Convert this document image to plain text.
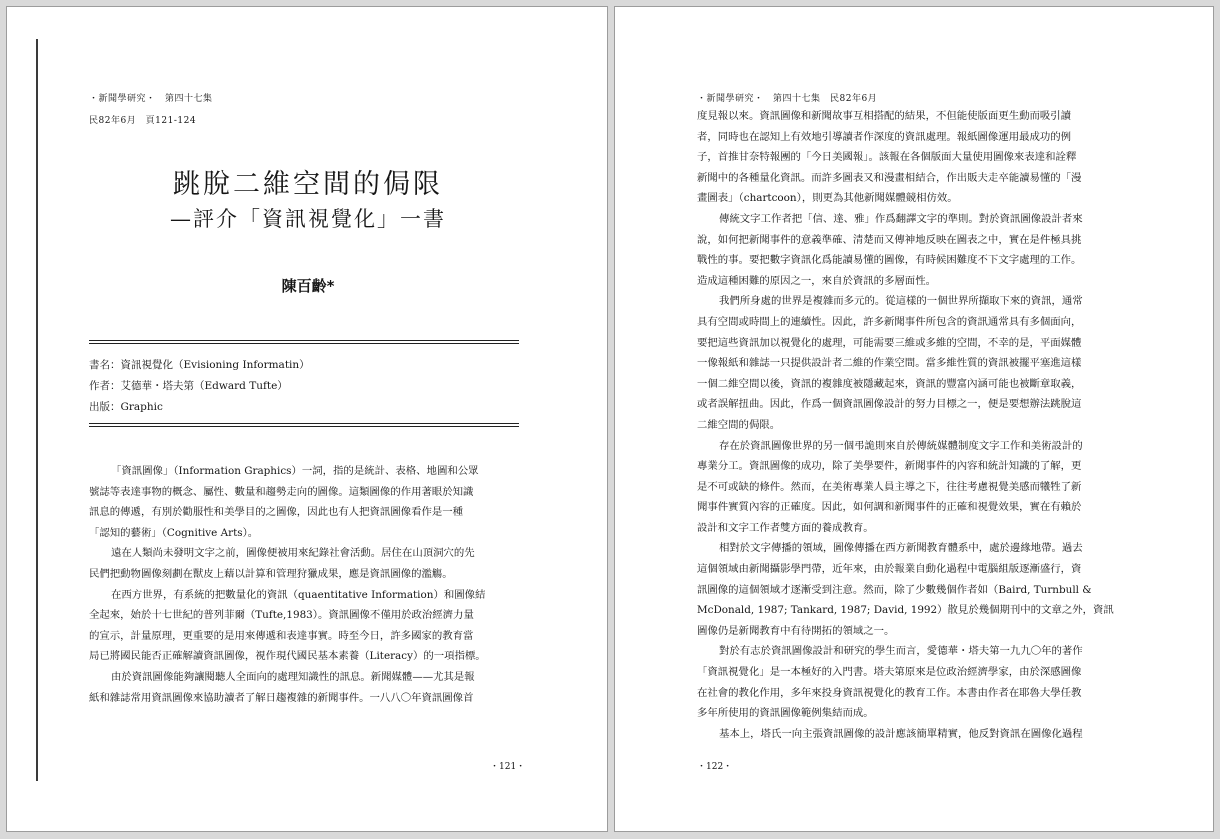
・新聞學研究・　第四十七集
民82年6月　頁121-124
跳脫二維空間的侷限
—評介「資訊視覺化」一書
陳百齡*
書名：資訊視覺化（Evisioning Informatin）
作者：艾德華・塔夫第（Edward Tufte）
出版：Graphic
「資訊圖像」（Information Graphics）一詞，指的是統計、表格、地圖和公眾
號誌等表達事物的概念、屬性、數量和趨勢走向的圖像。這類圖像的作用著眼於知識
訊息的傳遞，有別於勸服性和美學目的之圖像，因此也有人把資訊圖像看作是一種
「認知的藝術」（Cognitive Arts）。
遠在人類尚未發明文字之前，圖像便被用來紀錄社會活動。居住在山頂洞穴的先
民們把動物圖像刻劃在獸皮上藉以計算和管理狩獵成果，應是資訊圖像的濫觴。
在西方世界，有系統的把數量化的資訊（quaentitative Information）和圖像結
全起來，始於十七世紀的普列菲爾（Tufte,1983）。資訊圖像不僅用於政治經濟力量
的宣示，計量原理，更重要的是用來傳遞和表達事實。時至今日，許多國家的教育當
局已將國民能否正確解讀資訊圖像，視作現代國民基本素養（Literacy）的一項指標。
由於資訊圖像能夠讓閱聽人全面向的處理知識性的訊息。新聞媒體——尤其是報
紙和雜誌常用資訊圖像來協助讀者了解日趨複雜的新聞事件。一八八〇年資訊圖像首
・121・
・新聞學研究・　第四十七集　民82年6月
度見報以來。資訊圖像和新聞故事互相搭配的結果，不但能使版面更生動而吸引讀
者，同時也在認知上有效地引導讀者作深度的資訊處理。報紙圖像運用最成功的例
子，首推甘奈特報團的「今日美國報」。該報在各個版面大量使用圖像來表達和詮釋
新聞中的各種量化資訊。而許多圖表又和漫畫相結合，作出販夫走卒能讀易懂的「漫
畫圖表」（chartcoon），則更為其他新聞媒體競相仿效。
傳統文字工作者把「信、達、雅」作爲翻譯文字的準則。對於資訊圖像設計者來
說，如何把新聞事件的意義準確、清楚而又傳神地反映在圖表之中，實在是件極具挑
戰性的事。要把數字資訊化爲能讀易懂的圖像，有時候困難度不下文字處理的工作。
造成這種困難的原因之一，來自於資訊的多層面性。
我們所身處的世界是複雜而多元的。從這樣的一個世界所擷取下來的資訊，通常
具有空間或時間上的連續性。因此，許多新聞事件所包含的資訊通常具有多個面向，
要把這些資訊加以視覺化的處理，可能需要三維或多維的空間，不幸的是，平面媒體
一像報紙和雜誌一只提供設計者二維的作業空間。當多維性質的資訊被擺平塞進這樣
一個二維空間以後，資訊的複雜度被隱藏起來，資訊的豐富內涵可能也被斷章取義，
或者誤解扭曲。因此，作爲一個資訊圖像設計的努力目標之一，便是要想辦法跳脫這
二維空間的侷限。
存在於資訊圖像世界的另一個弔詭則來自於傳統媒體制度文字工作和美術設計的
專業分工。資訊圖像的成功，除了美學要件，新聞事件的內容和統計知識的了解，更
是不可或缺的條件。然而，在美術專業人員主導之下，往往考慮視覺美感而犧牲了新
聞事件實質內容的正確度。因此，如何調和新聞事件的正確和視覺效果，實在有賴於
設計和文字工作者雙方面的養成教育。
相對於文字傳播的領域，圖像傳播在西方新聞教育體系中，處於邊緣地帶。過去
這個領域由新聞攝影學門帶，近年來，由於報業自動化過程中電腦組版逐漸盛行，資
訊圖像的這個領域才逐漸受到注意。然而，除了少數幾個作者如（Baird, Turnbull &
McDonald, 1987; Tankard, 1987; David, 1992）散見於幾個期刊中的文章之外，資訊
圖像仍是新聞教育中有待開拓的領域之一。
對於有志於資訊圖像設計和研究的學生而言，愛德華・塔夫第一九九〇年的著作
「資訊視覺化」是一本極好的入門書。塔夫第原來是位政治經濟學家，由於深感圖像
在社會的教化作用，多年來投身資訊視覺化的教育工作。本書由作者在耶魯大學任教
多年所使用的資訊圖像範例集結而成。
基本上，塔氏一向主張資訊圖像的設計應該簡單精實，他反對資訊在圖像化過程
・122・
